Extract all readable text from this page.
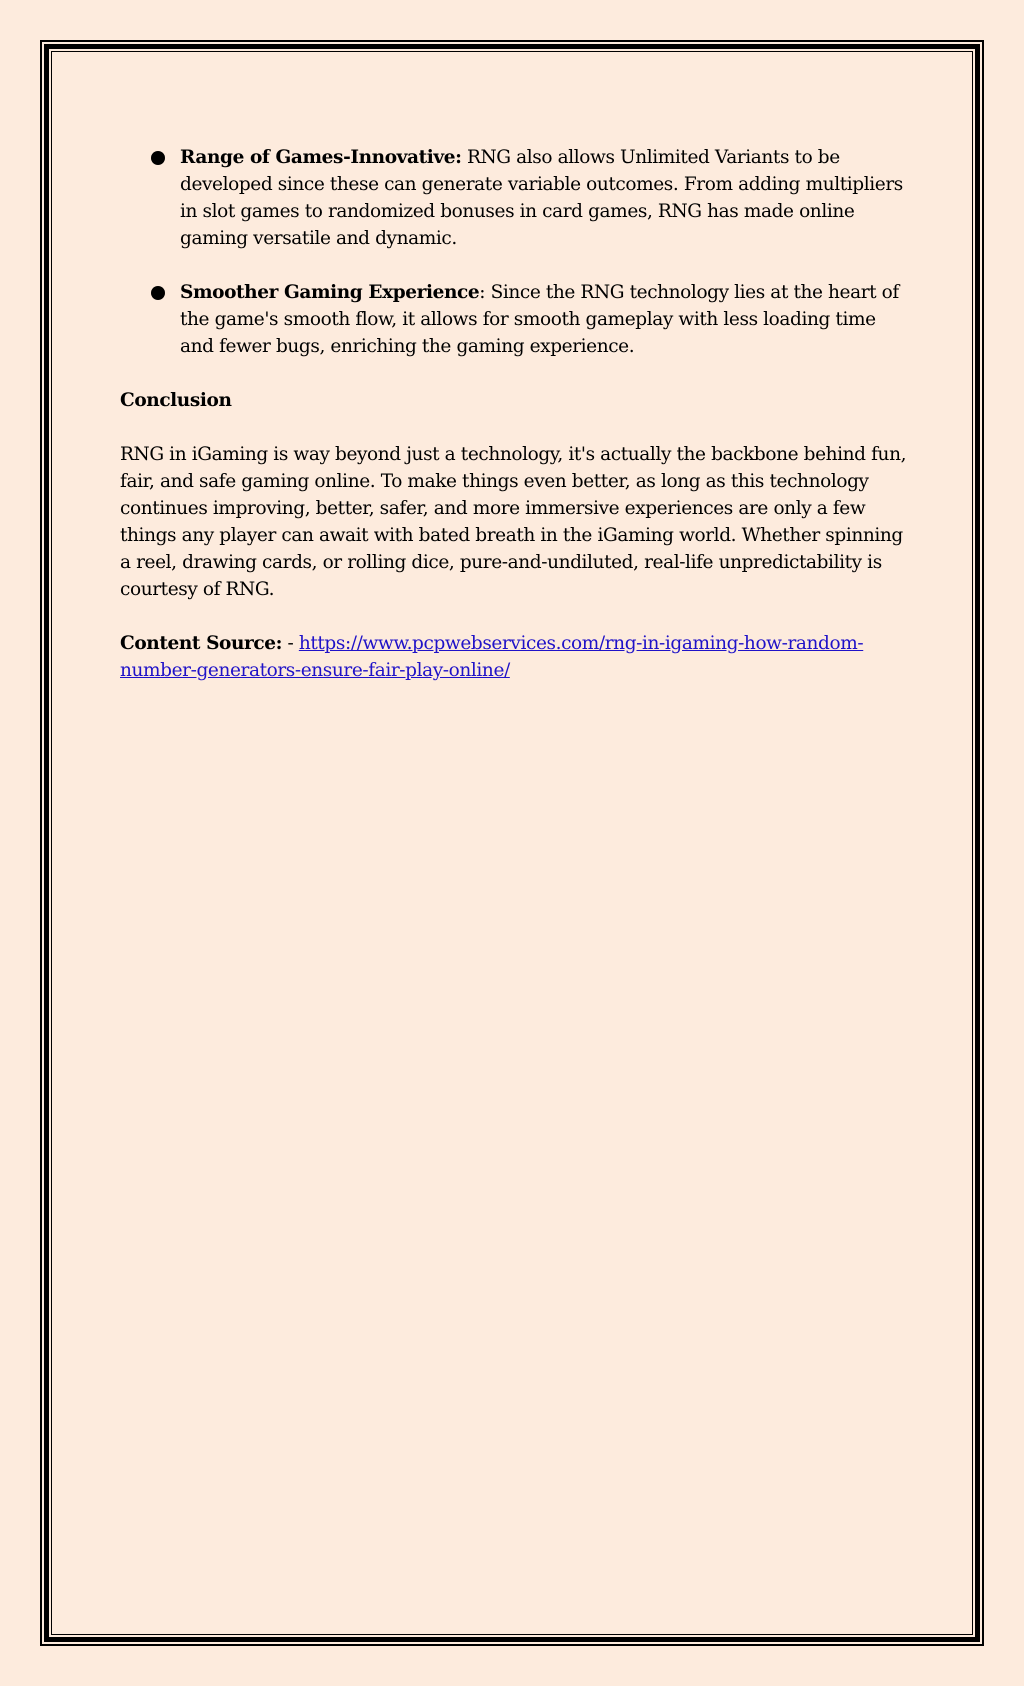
Range of Games-Innovative: RNG also allows Unlimited Variants to be developed since these can generate variable outcomes. From adding multipliers in slot games to randomized bonuses in card games, RNG has made online gaming versatile and dynamic.
Smoother Gaming Experience: Since the RNG technology lies at the heart of the game's smooth flow, it allows for smooth gameplay with less loading time and fewer bugs, enriching the gaming experience.
Conclusion

RNG in iGaming is way beyond just a technology, it's actually the backbone behind fun, fair, and safe gaming online. To make things even better, as long as this technology continues improving, better, safer, and more immersive experiences are only a few things any player can await with bated breath in the iGaming world. Whether spinning a reel, drawing cards, or rolling dice, pure-and-undiluted, real-life unpredictability is courtesy of RNG.

Content Source: - https://www.pcpwebservices.com/rng-in-igaming-how-random-number-generators-ensure-fair-play-online/
